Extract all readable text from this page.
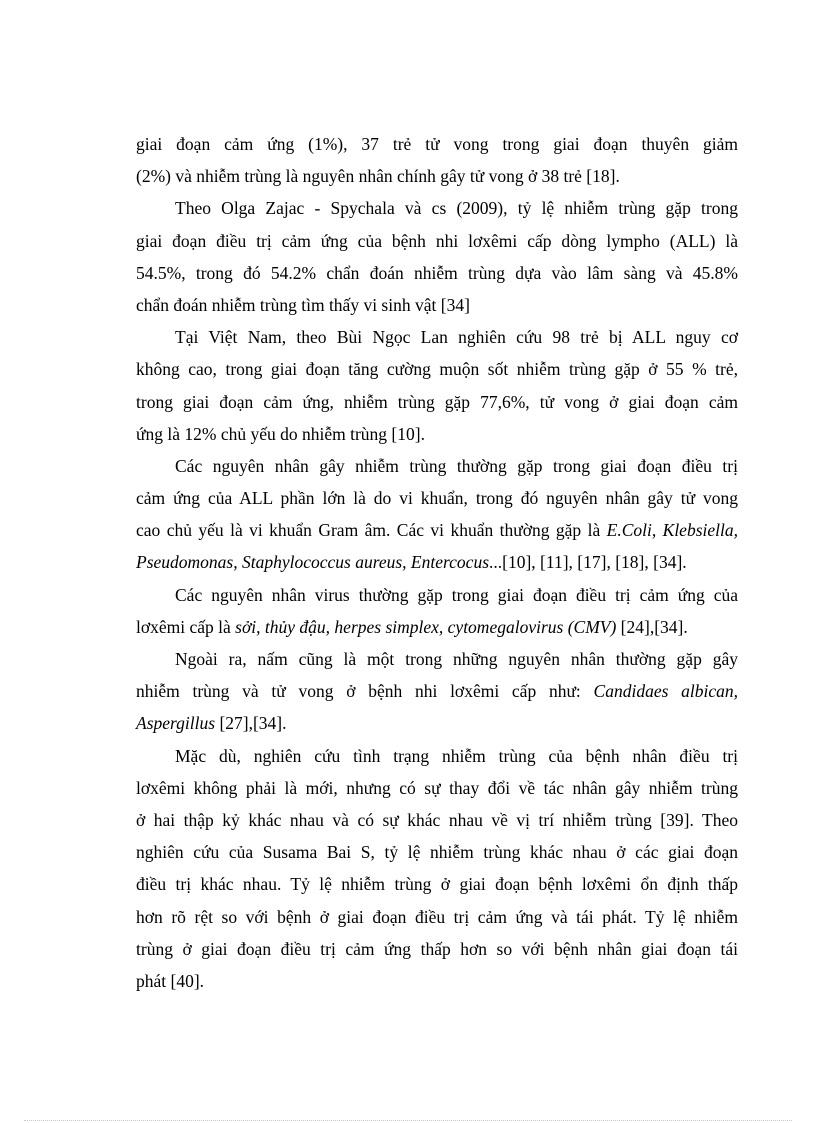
giai đoạn cảm ứng (1%), 37 trẻ tử vong trong giai đoạn thuyên giảm
(2%) và nhiễm trùng là nguyên nhân chính gây tử vong ở 38 trẻ [18].
Theo Olga Zajac - Spychala và cs (2009), tỷ lệ nhiễm trùng gặp trong
giai đoạn điều trị cảm ứng của bệnh nhi lơxêmi cấp dòng lympho (ALL) là
54.5%, trong đó 54.2% chẩn đoán nhiễm trùng dựa vào lâm sàng và 45.8%
chẩn đoán nhiễm trùng tìm thấy vi sinh vật [34]
Tại Việt Nam, theo Bùi Ngọc Lan nghiên cứu 98 trẻ bị ALL nguy cơ
không cao, trong giai đoạn tăng cường muộn sốt nhiễm trùng gặp ở 55 % trẻ,
trong giai đoạn cảm ứng, nhiễm trùng gặp 77,6%, tử vong ở giai đoạn cảm
ứng là 12% chủ yếu do nhiễm trùng [10].
Các nguyên nhân gây nhiễm trùng thường gặp trong giai đoạn điều trị
cảm ứng của ALL phần lớn là do vi khuẩn, trong đó nguyên nhân gây tử vong
cao chủ yếu là vi khuẩn Gram âm. Các vi khuẩn thường gặp là E.Coli, Klebsiella,
Pseudomonas, Staphylococcus aureus, Entercocus...[10], [11], [17], [18], [34].
Các nguyên nhân virus thường gặp trong giai đoạn điều trị cảm ứng của
lơxêmi cấp là sởi, thủy đậu, herpes simplex, cytomegalovirus (CMV) [24],[34].
Ngoài ra, nấm cũng là một trong những nguyên nhân thường gặp gây
nhiễm trùng và tử vong ở bệnh nhi lơxêmi cấp như: Candidaes albican,
Aspergillus [27],[34].
Mặc dù, nghiên cứu tình trạng nhiễm trùng của bệnh nhân điều trị
lơxêmi không phải là mới, nhưng có sự thay đổi về tác nhân gây nhiễm trùng
ở hai thập kỷ khác nhau và có sự khác nhau về vị trí nhiễm trùng [39]. Theo
nghiên cứu của Susama Bai S, tỷ lệ nhiễm trùng khác nhau ở các giai đoạn
điều trị khác nhau. Tỷ lệ nhiễm trùng ở giai đoạn bệnh lơxêmi ổn định thấp
hơn rõ rệt so với bệnh ở giai đoạn điều trị cảm ứng và tái phát. Tỷ lệ nhiễm
trùng ở giai đoạn điều trị cảm ứng thấp hơn so với bệnh nhân giai đoạn tái
phát [40].
